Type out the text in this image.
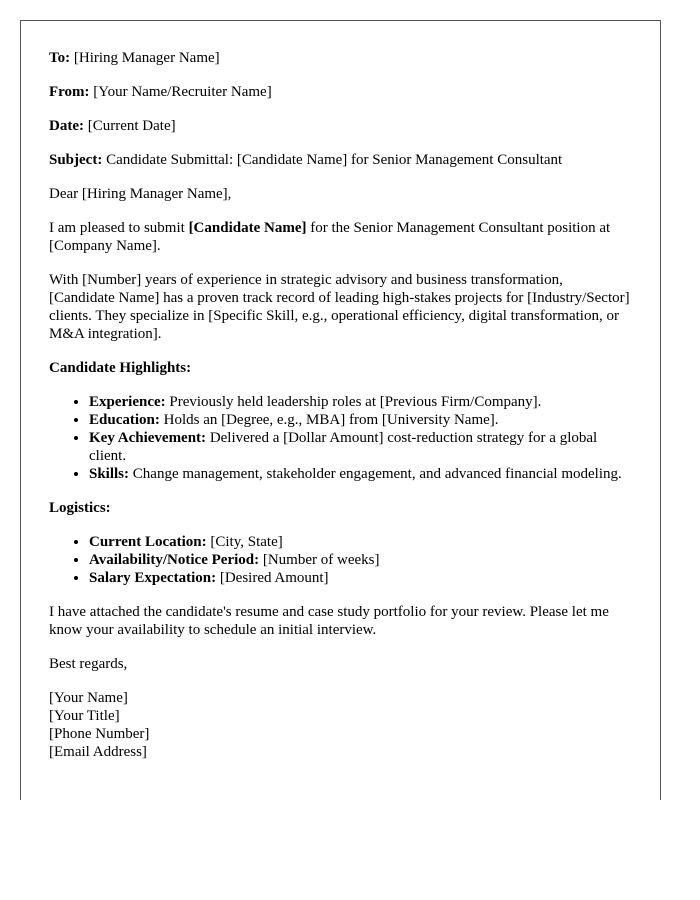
To: [Hiring Manager Name]

From: [Your Name/Recruiter Name]

Date: [Current Date]

Subject: Candidate Submittal: [Candidate Name] for Senior Management Consultant

Dear [Hiring Manager Name],

I am pleased to submit [Candidate Name] for the Senior Management Consultant position at [Company Name].

With [Number] years of experience in strategic advisory and business transformation, [Candidate Name] has a proven track record of leading high-stakes projects for [Industry/Sector] clients. They specialize in [Specific Skill, e.g., operational efficiency, digital transformation, or M&A integration].

Candidate Highlights:

• Experience: Previously held leadership roles at [Previous Firm/Company].
• Education: Holds an [Degree, e.g., MBA] from [University Name].
• Key Achievement: Delivered a [Dollar Amount] cost-reduction strategy for a global client.
• Skills: Change management, stakeholder engagement, and advanced financial modeling.

Logistics:

• Current Location: [City, State]
• Availability/Notice Period: [Number of weeks]
• Salary Expectation: [Desired Amount]

I have attached the candidate's resume and case study portfolio for your review. Please let me know your availability to schedule an initial interview.

Best regards,

[Your Name]
[Your Title]
[Phone Number]
[Email Address]
